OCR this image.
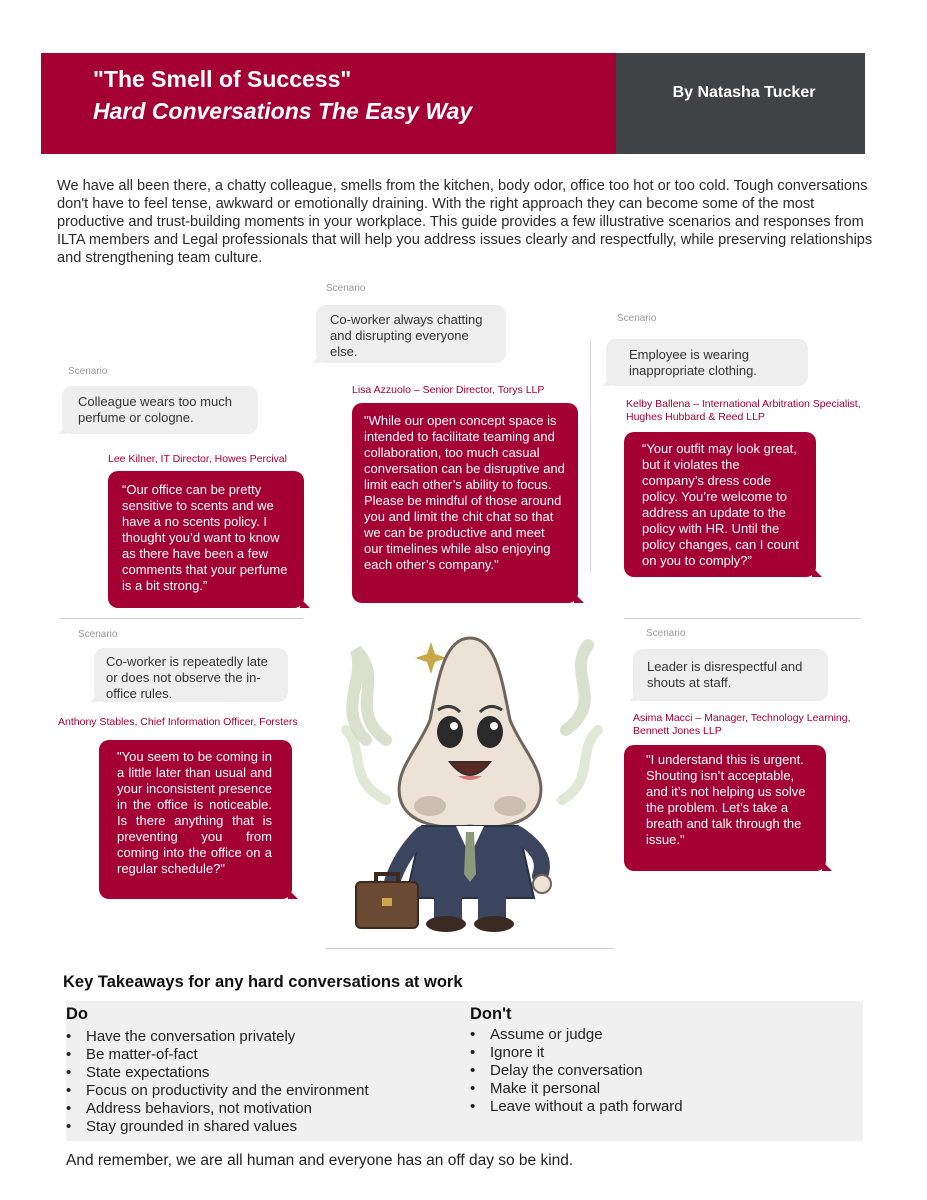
"The Smell of Success"
Hard Conversations The Easy Way
By Natasha Tucker
We have all been there, a chatty colleague, smells from the kitchen, body odor, office too hot or too cold. Tough conversations don't have to feel tense, awkward or emotionally draining. With the right approach they can become some of the most productive and trust-building moments in your workplace. This guide provides a few illustrative scenarios and responses from ILTA members and Legal professionals that will help you address issues clearly and respectfully, while preserving relationships and strengthening team culture.
Scenario
Colleague wears too much perfume or cologne.
Lee Kilner, IT Director, Howes Percival
“Our office can be pretty sensitive to scents and we have a no scents policy. I thought you’d want to know as there have been a few comments that your perfume is a bit strong.”
Scenario
Co-worker always chatting and disrupting everyone else.
Lisa Azzuolo – Senior Director, Torys LLP
"While our open concept space is intended to facilitate teaming and collaboration, too much casual conversation can be disruptive and limit each other’s ability to focus. Please be mindful of those around you and limit the chit chat so that we can be productive and meet our timelines while also enjoying each other’s company."
Scenario
Employee is wearing inappropriate clothing.
Kelby Ballena – International Arbitration Specialist, Hughes Hubbard & Reed LLP
“Your outfit may look great, but it violates the company’s dress code policy. You’re welcome to address an update to the policy with HR. Until the policy changes, can I count on you to comply?”
Scenario
Co-worker is repeatedly late or does not observe the in-office rules.
Anthony Stables, Chief Information Officer, Forsters
"You seem to be coming in a little later than usual and your inconsistent presence in the office is noticeable. Is there anything that is preventing you from coming into the office on a regular schedule?"
Scenario
Leader is disrespectful and shouts at staff.
Asima Macci – Manager, Technology Learning, Bennett Jones LLP
"I understand this is urgent. Shouting isn’t acceptable, and it’s not helping us solve the problem. Let’s take a breath and talk through the issue."
Key Takeaways for any hard conversations at work
Do
• Have the conversation privately
• Be matter-of-fact
• State expectations
• Focus on productivity and the environment
• Address behaviors, not motivation
• Stay grounded in shared values
Don't
• Assume or judge
• Ignore it
• Delay the conversation
• Make it personal
• Leave without a path forward
And remember, we are all human and everyone has an off day so be kind.
